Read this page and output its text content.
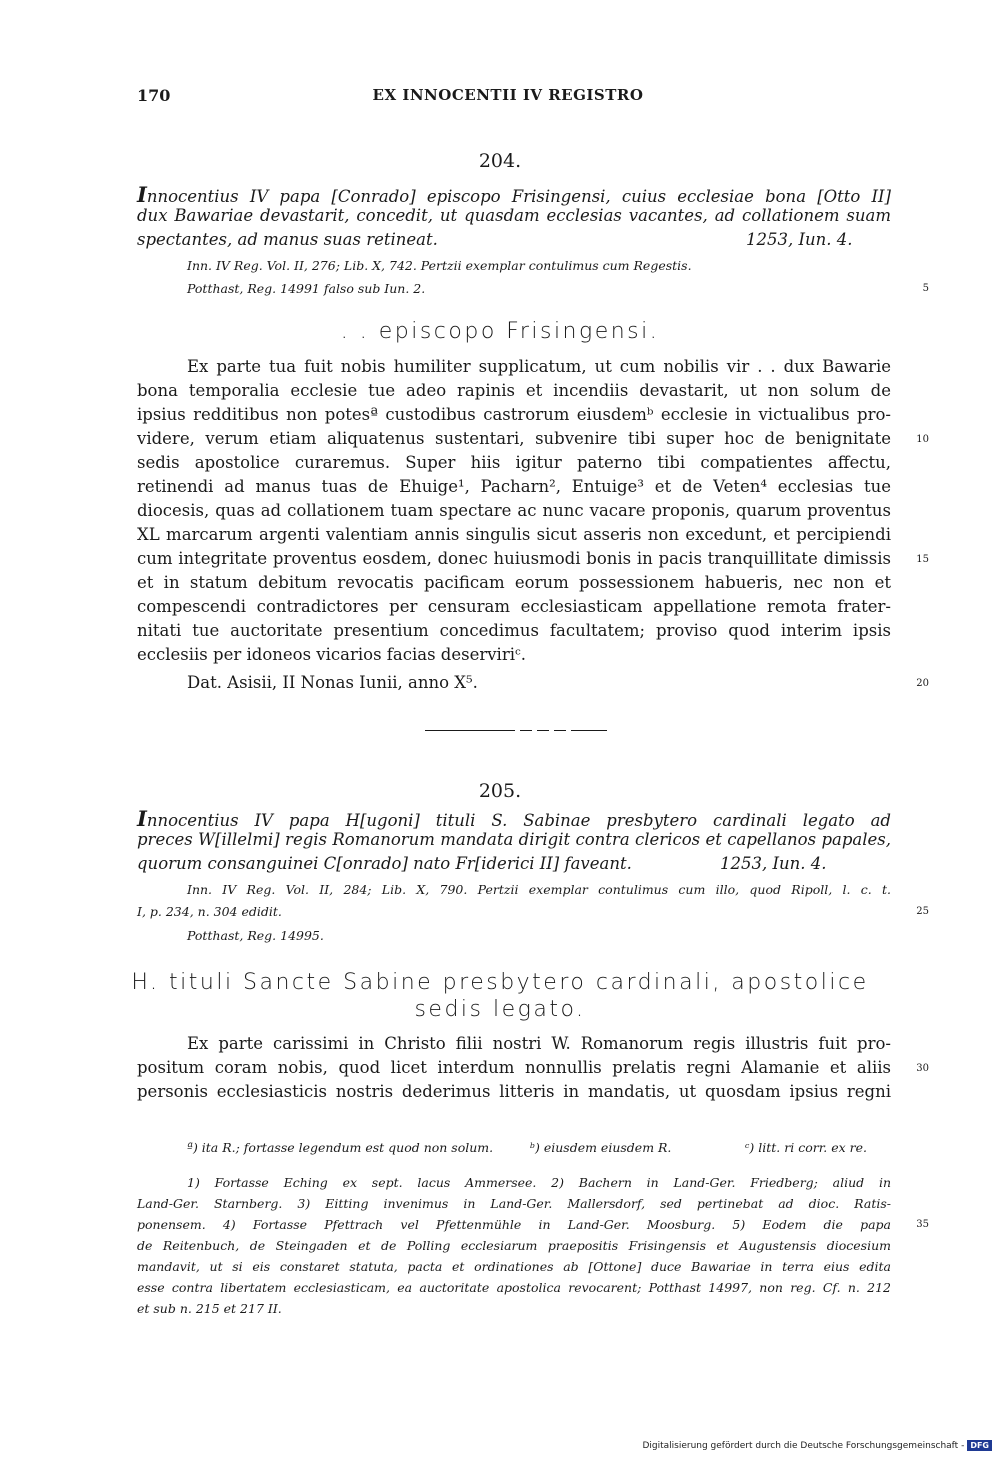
170	EX INNOCENTII IV REGISTRO
204.
Innocentius IV papa [Conrado] episcopo Frisingensi, cuius ecclesiae bona [Otto II]
dux Bawariae devastarit, concedit, ut quasdam ecclesias vacantes, ad collationem suam
spectantes, ad manus suas retineat.	1253, Iun. 4.
Inn. IV Reg. Vol. II, 276; Lib. X, 742. Pertzii exemplar contulimus cum Regestis.
Potthast, Reg. 14991 falso sub Iun. 2.	5
. . episcopo Frisingensi.
Ex parte tua fuit nobis humiliter supplicatum, ut cum nobilis vir . . dux Bawarie
bona temporalia ecclesie tue adeo rapinis et incendiis devastarit, ut non solum de
ipsius redditibus non potesª custodibus castrorum eiusdemᵇ ecclesie in victualibus pro-
videre, verum etiam aliquatenus sustentari, subvenire tibi super hoc de benignitate	10
sedis apostolice curaremus. Super hiis igitur paterno tibi compatientes affectu,
retinendi ad manus tuas de Ehuige¹, Pacharn², Entuige³ et de Veten⁴ ecclesias tue
diocesis, quas ad collationem tuam spectare ac nunc vacare proponis, quarum proventus
XL marcarum argenti valentiam annis singulis sicut asseris non excedunt, et percipiendi
cum integritate proventus eosdem, donec huiusmodi bonis in pacis tranquillitate dimissis	15
et in statum debitum revocatis pacificam eorum possessionem habueris, nec non et
compescendi contradictores per censuram ecclesiasticam appellatione remota frater-
nitati tue auctoritate presentium concedimus facultatem; proviso quod interim ipsis
ecclesiis per idoneos vicarios facias deserviriᶜ.
Dat. Asisii, II Nonas Iunii, anno X⁵.	20
205.
Innocentius IV papa H[ugoni] tituli S. Sabinae presbytero cardinali legato ad
preces W[illelmi] regis Romanorum mandata dirigit contra clericos et capellanos papales,
quorum consanguinei C[onrado] nato Fr[iderici II] faveant.	1253, Iun. 4.
Inn. IV Reg. Vol. II, 284; Lib. X, 790. Pertzii exemplar contulimus cum illo, quod Ripoll, l. c. t.
I, p. 234, n. 304 edidit.	25
Potthast, Reg. 14995.
H. tituli Sancte Sabine presbytero cardinali, apostolice
sedis legato.
Ex parte carissimi in Christo filii nostri W. Romanorum regis illustris fuit pro-
positum coram nobis, quod licet interdum nonnullis prelatis regni Alamanie et aliis	30
personis ecclesiasticis nostris dederimus litteris in mandatis, ut quosdam ipsius regni
ª) ita R.; fortasse legendum est quod non solum.	ᵇ) eiusdem eiusdem R.	ᶜ) litt. ri corr. ex re.
1) Fortasse Eching ex sept. lacus Ammersee. 2) Bachern in Land-Ger. Friedberg; aliud in
Land-Ger. Starnberg. 3) Eitting invenimus in Land-Ger. Mallersdorf, sed pertinebat ad dioc. Ratis-
ponensem. 4) Fortasse Pfettrach vel Pfettenmühle in Land-Ger. Moosburg. 5) Eodem die papa	35
de Reitenbuch, de Steingaden et de Polling ecclesiarum praepositis Frisingensis et Augustensis diocesium
mandavit, ut si eis constaret statuta, pacta et ordinationes ab [Ottone] duce Bawariae in terra eius edita
esse contra libertatem ecclesiasticam, ea auctoritate apostolica revocarent; Potthast 14997, non reg. Cf. n. 212
et sub n. 215 et 217 II.
Digitalisierung gefördert durch die Deutsche Forschungsgemeinschaft - DFG
